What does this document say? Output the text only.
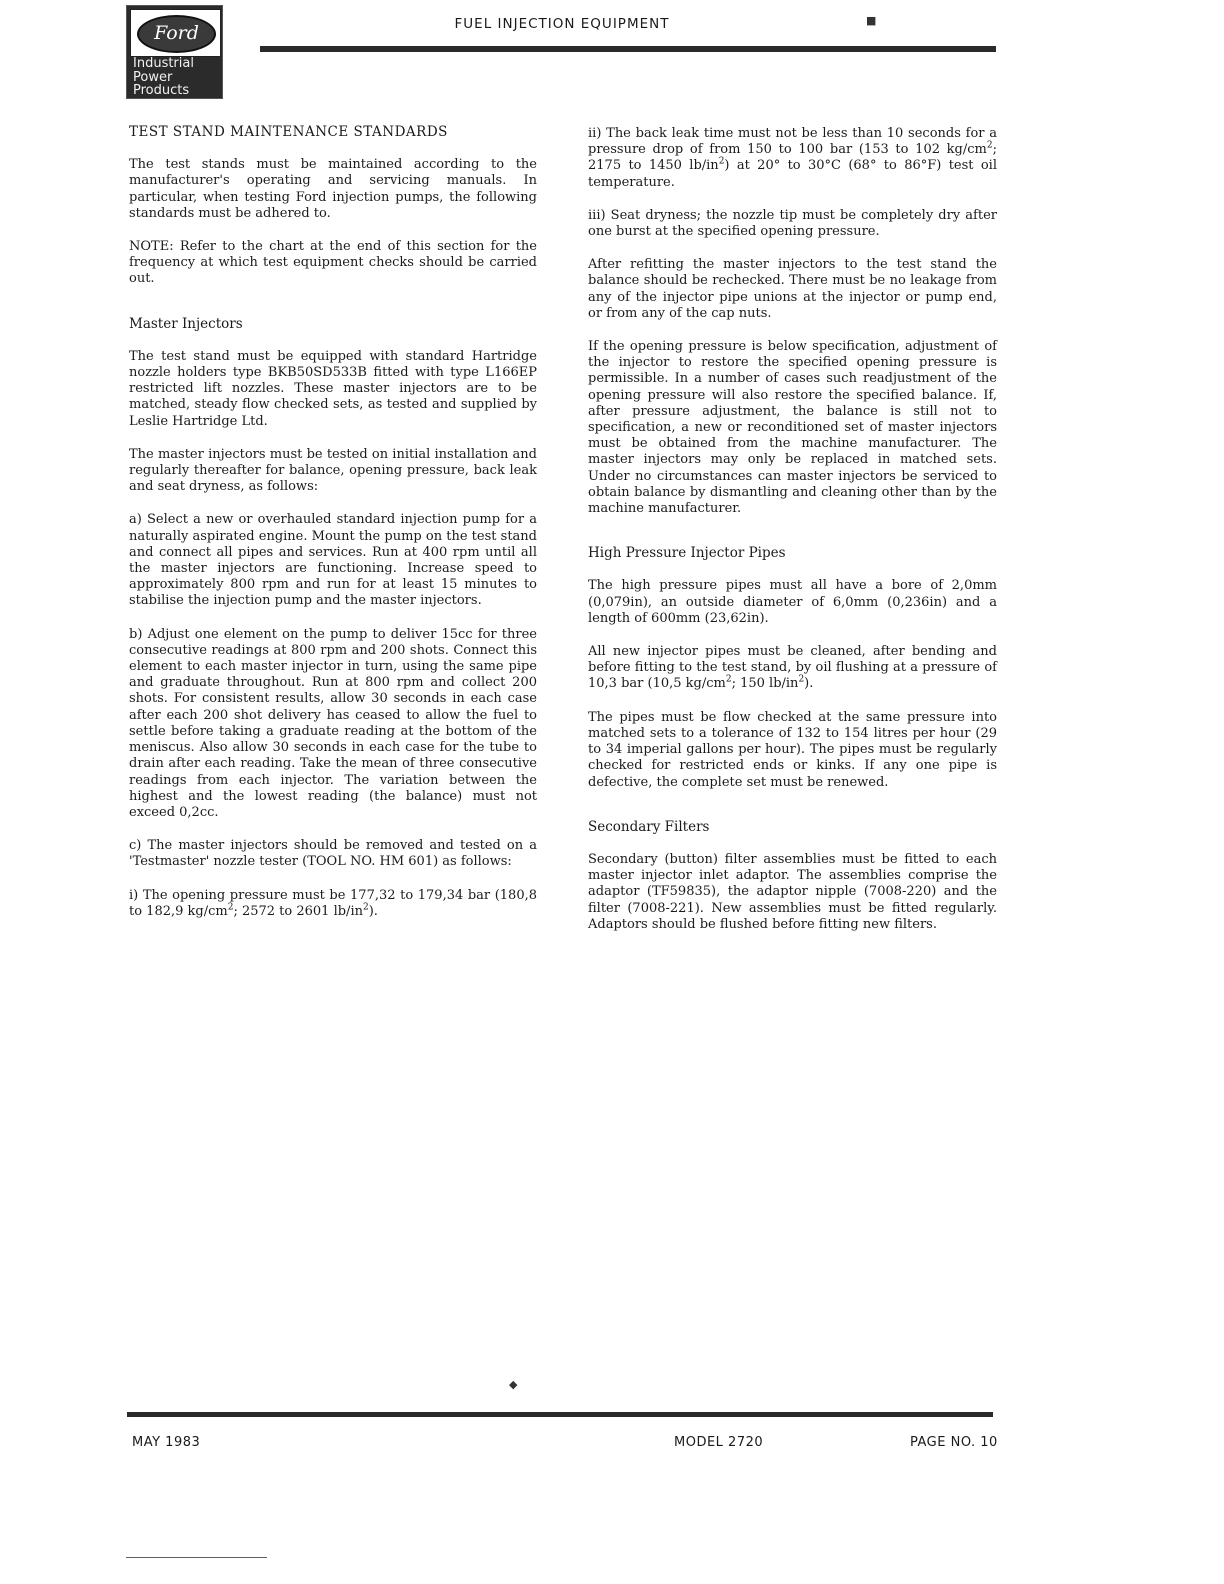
Ford
Industrial
Power
Products
FUEL INJECTION EQUIPMENT
TEST STAND MAINTENANCE STANDARDS

The test stands must be maintained according to the manufacturer's operating and servicing manuals. In particular, when testing Ford injection pumps, the following standards must be adhered to.

NOTE: Refer to the chart at the end of this section for the frequency at which test equipment checks should be carried out.

Master Injectors

The test stand must be equipped with standard Hartridge nozzle holders type BKB50SD533B fitted with type L166EP restricted lift nozzles. These master injectors are to be matched, steady flow checked sets, as tested and supplied by Leslie Hartridge Ltd.

The master injectors must be tested on initial installation and regularly thereafter for balance, opening pressure, back leak and seat dryness, as follows:

a) Select a new or overhauled standard injection pump for a naturally aspirated engine. Mount the pump on the test stand and connect all pipes and services. Run at 400 rpm until all the master injectors are functioning. Increase speed to approximately 800 rpm and run for at least 15 minutes to stabilise the injection pump and the master injectors.

b) Adjust one element on the pump to deliver 15cc for three consecutive readings at 800 rpm and 200 shots. Connect this element to each master injector in turn, using the same pipe and graduate throughout. Run at 800 rpm and collect 200 shots. For consistent results, allow 30 seconds in each case after each 200 shot delivery has ceased to allow the fuel to settle before taking a graduate reading at the bottom of the meniscus. Also allow 30 seconds in each case for the tube to drain after each reading. Take the mean of three consecutive readings from each injector. The variation between the highest and the lowest reading (the balance) must not exceed 0,2cc.

c) The master injectors should be removed and tested on a 'Testmaster' nozzle tester (TOOL NO. HM 601) as follows:

i) The opening pressure must be 177,32 to 179,34 bar (180,8 to 182,9 $kg/cm^2$; 2572 to 2601 $lb/in^2$).

ii) The back leak time must not be less than 10 seconds for a pressure drop of from 150 to 100 bar (153 to 102 $kg/cm^2$; 2175 to 1450 $lb/in^2$) at 20° to 30°C (68° to 86°F) test oil temperature.

iii) Seat dryness; the nozzle tip must be completely dry after one burst at the specified opening pressure.

After refitting the master injectors to the test stand the balance should be rechecked. There must be no leakage from any of the injector pipe unions at the injector or pump end, or from any of the cap nuts.

If the opening pressure is below specification, adjustment of the injector to restore the specified opening pressure is permissible. In a number of cases such readjustment of the opening pressure will also restore the specified balance. If, after pressure adjustment, the balance is still not to specification, a new or reconditioned set of master injectors must be obtained from the machine manufacturer. The master injectors may only be replaced in matched sets. Under no circumstances can master injectors be serviced to obtain balance by dismantling and cleaning other than by the machine manufacturer.

High Pressure Injector Pipes

The high pressure pipes must all have a bore of 2,0mm (0,079in), an outside diameter of 6,0mm (0,236in) and a length of 600mm (23,62in).

All new injector pipes must be cleaned, after bending and before fitting to the test stand, by oil flushing at a pressure of 10,3 bar (10,5 $kg/cm^2$; 150 $lb/in^2$).

The pipes must be flow checked at the same pressure into matched sets to a tolerance of 132 to 154 litres per hour (29 to 34 imperial gallons per hour). The pipes must be regularly checked for restricted ends or kinks. If any one pipe is defective, the complete set must be renewed.

Secondary Filters

Secondary (button) filter assemblies must be fitted to each master injector inlet adaptor. The assemblies comprise the adaptor (TF59835), the adaptor nipple (7008-220) and the filter (7008-221). New assemblies must be fitted regularly. Adaptors should be flushed before fitting new filters.

■
◆
MAY 1983	MODEL 2720	PAGE NO. 10
